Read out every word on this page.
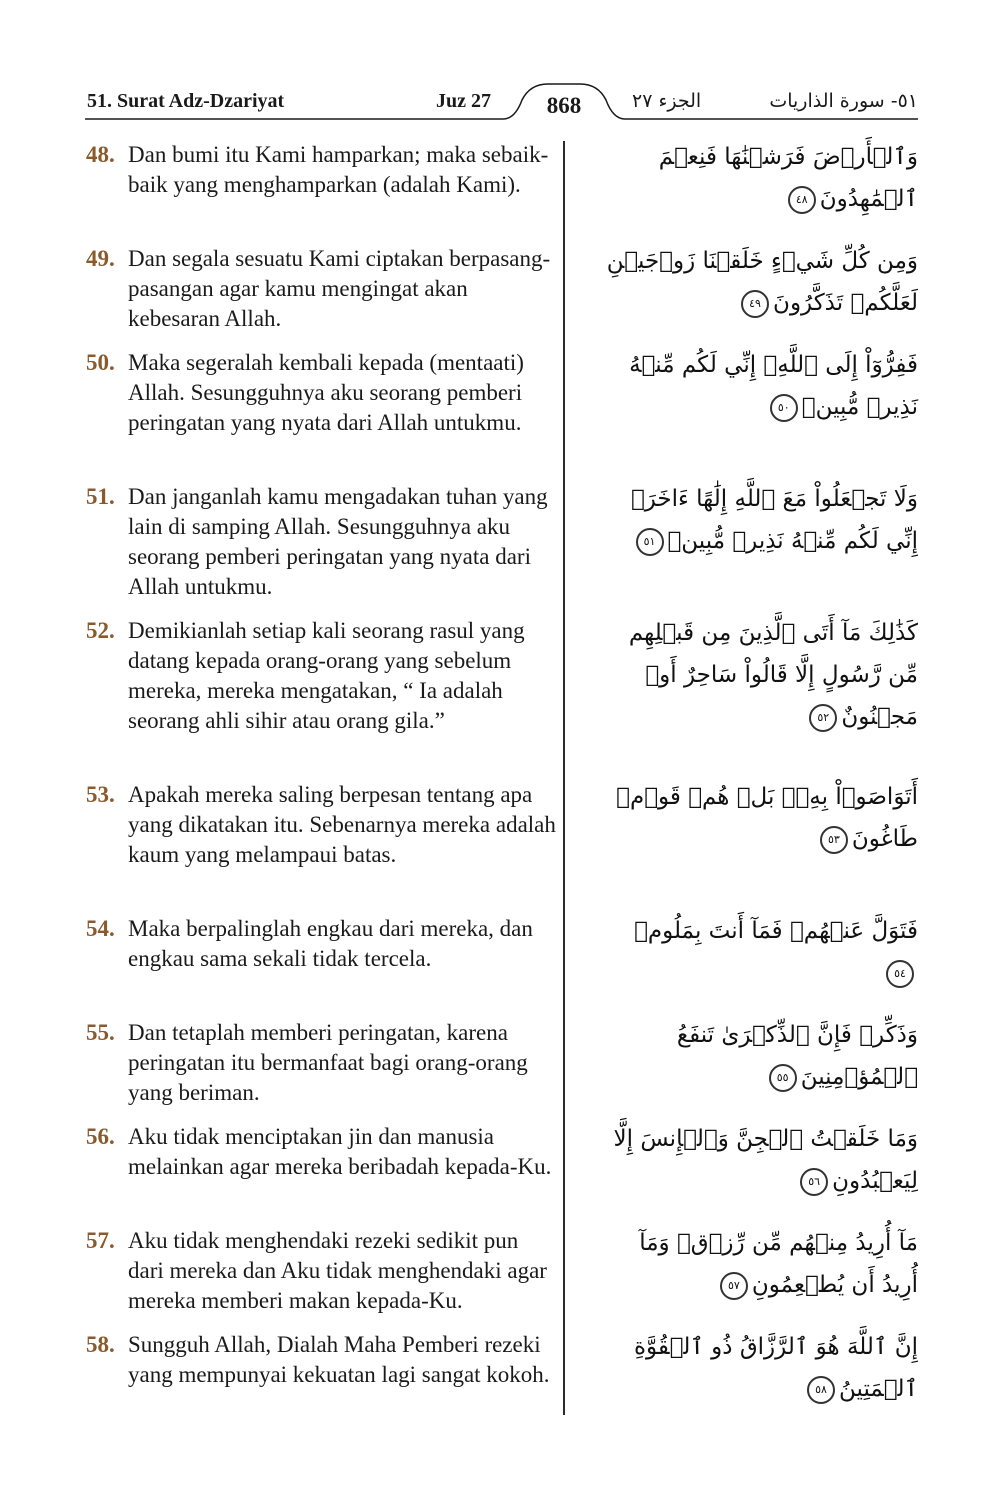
51. Surat Adz-Dzariyat	Juz 27	868	الجزء ٢٧	٥١- سورة الذاريات
48. Dan bumi itu Kami hamparkan; maka sebaik-baik yang menghamparkan (adalah Kami).
وَٱلۡأَرۡضَ فَرَشۡنَٰهَا فَنِعۡمَ ٱلۡمَٰهِدُونَ٤٨
49. Dan segala sesuatu Kami ciptakan berpasang-pasangan agar kamu mengingat akan kebesaran Allah.
وَمِن كُلِّ شَيۡءٍ خَلَقۡنَا زَوۡجَيۡنِ لَعَلَّكُمۡ تَذَكَّرُونَ٤٩
50. Maka segeralah kembali kepada (mentaati) Allah. Sesungguhnya aku seorang pemberi peringatan yang nyata dari Allah untukmu.
فَفِرُّوٓاْ إِلَى ٱللَّهِۖ إِنِّي لَكُم مِّنۡهُ نَذِيرٞ مُّبِينٞ٥٠
51. Dan janganlah kamu mengadakan tuhan yang lain di samping Allah. Sesungguhnya aku seorang pemberi peringatan yang nyata dari Allah untukmu.
وَلَا تَجۡعَلُواْ مَعَ ٱللَّهِ إِلَٰهًا ءَاخَرَۖ إِنِّي لَكُم مِّنۡهُ نَذِيرٞ مُّبِينٞ٥١
52. Demikianlah setiap kali seorang rasul yang datang kepada orang-orang yang sebelum mereka, mereka mengatakan, “ Ia adalah seorang ahli sihir atau orang gila.”
كَذَٰلِكَ مَآ أَتَى ٱلَّذِينَ مِن قَبۡلِهِم مِّن رَّسُولٍ إِلَّا قَالُواْ سَاحِرٌ أَوۡ مَجۡنُونٌ٥٢
53. Apakah mereka saling berpesan tentang apa yang dikatakan itu. Sebenarnya mereka adalah kaum yang melampaui batas.
أَتَوَاصَوۡاْ بِهِۦۚ بَلۡ هُمۡ قَوۡمٞ طَاغُونَ٥٣
54. Maka berpalinglah engkau dari mereka, dan engkau sama sekali tidak tercela.
فَتَوَلَّ عَنۡهُمۡ فَمَآ أَنتَ بِمَلُومٖ٥٤
55. Dan tetaplah memberi peringatan, karena peringatan itu bermanfaat bagi orang-orang yang beriman.
وَذَكِّرۡ فَإِنَّ ٱلذِّكۡرَىٰ تَنفَعُ ٱلۡمُؤۡمِنِينَ٥٥
56. Aku tidak menciptakan jin dan manusia melainkan agar mereka beribadah kepada-Ku.
وَمَا خَلَقۡتُ ٱلۡجِنَّ وَٱلۡإِنسَ إِلَّا لِيَعۡبُدُونِ٥٦
57. Aku tidak menghendaki rezeki sedikit pun dari mereka dan Aku tidak menghendaki agar mereka memberi makan kepada-Ku.
مَآ أُرِيدُ مِنۡهُم مِّن رِّزۡقٖ وَمَآ أُرِيدُ أَن يُطۡعِمُونِ٥٧
58. Sungguh Allah, Dialah Maha Pemberi rezeki yang mempunyai kekuatan lagi sangat kokoh.
إِنَّ ٱللَّهَ هُوَ ٱلرَّزَّاقُ ذُو ٱلۡقُوَّةِ ٱلۡمَتِينُ٥٨
